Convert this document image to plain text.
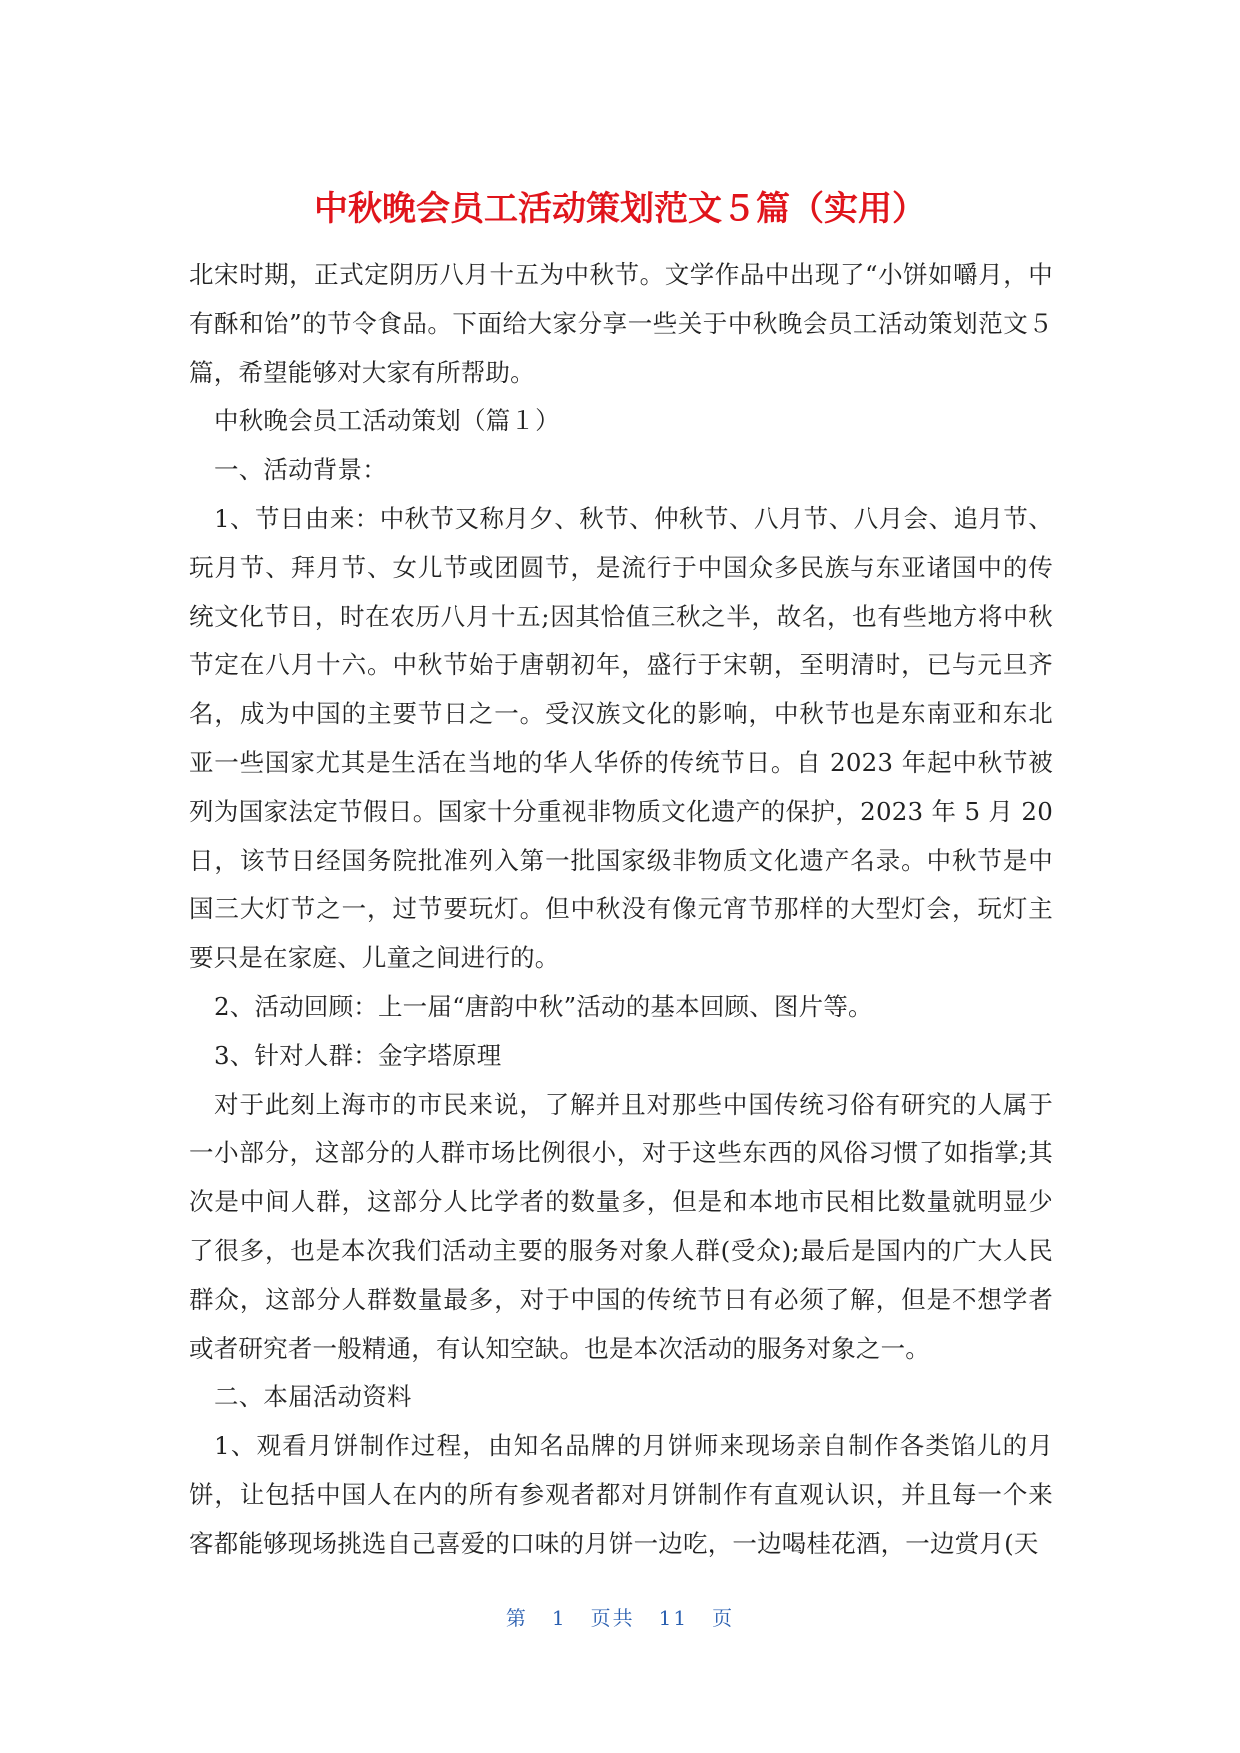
中秋晚会员工活动策划范文５篇（实用）

北宋时期，正式定阴历八月十五为中秋节。文学作品中出现了“小饼如嚼月，中有酥和饴”的节令食品。下面给大家分享一些关于中秋晚会员工活动策划范文５篇，希望能够对大家有所帮助。

中秋晚会员工活动策划（篇１）

一、活动背景：

1、节日由来：中秋节又称月夕、秋节、仲秋节、八月节、八月会、追月节、玩月节、拜月节、女儿节或团圆节，是流行于中国众多民族与东亚诸国中的传统文化节日，时在农历八月十五;因其恰值三秋之半，故名，也有些地方将中秋节定在八月十六。中秋节始于唐朝初年，盛行于宋朝，至明清时，已与元旦齐名，成为中国的主要节日之一。受汉族文化的影响，中秋节也是东南亚和东北亚一些国家尤其是生活在当地的华人华侨的传统节日。自 2023 年起中秋节被列为国家法定节假日。国家十分重视非物质文化遗产的保护，2023 年 5 月 20 日，该节日经国务院批准列入第一批国家级非物质文化遗产名录。中秋节是中国三大灯节之一，过节要玩灯。但中秋没有像元宵节那样的大型灯会，玩灯主要只是在家庭、儿童之间进行的。

2、活动回顾：上一届“唐韵中秋”活动的基本回顾、图片等。

3、针对人群：金字塔原理

对于此刻上海市的市民来说，了解并且对那些中国传统习俗有研究的人属于一小部分，这部分的人群市场比例很小，对于这些东西的风俗习惯了如指掌;其次是中间人群，这部分人比学者的数量多，但是和本地市民相比数量就明显少了很多，也是本次我们活动主要的服务对象人群(受众);最后是国内的广大人民群众，这部分人群数量最多，对于中国的传统节日有必须了解，但是不想学者或者研究者一般精通，有认知空缺。也是本次活动的服务对象之一。

二、本届活动资料

1、观看月饼制作过程，由知名品牌的月饼师来现场亲自制作各类馅儿的月饼，让包括中国人在内的所有参观者都对月饼制作有直观认识，并且每一个来客都能够现场挑选自己喜爱的口味的月饼一边吃，一边喝桂花酒，一边赏月(天

第 1 页共 11 页
